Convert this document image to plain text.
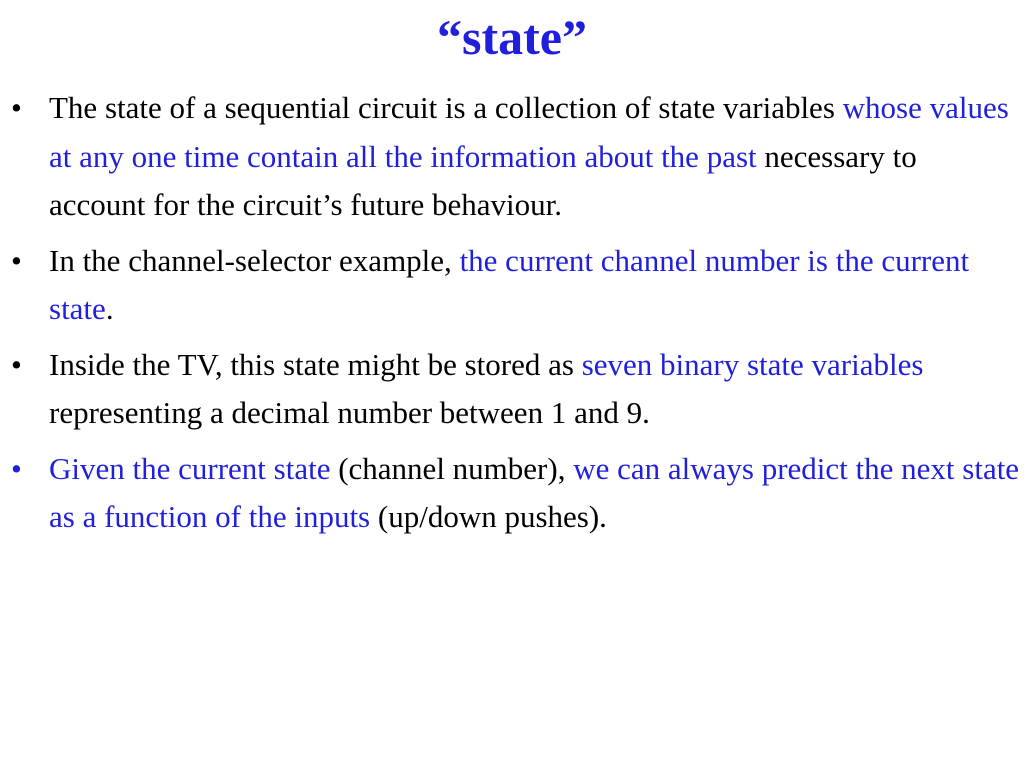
“state”
• The state of a sequential circuit is a collection of state variables whose values at any one time contain all the information about the past necessary to account for the circuit’s future behaviour.
• In the channel-selector example, the current channel number is the current state.
• Inside the TV, this state might be stored as seven binary state variables representing a decimal number between 1 and 9.
• Given the current state (channel number), we can always predict the next state as a function of the inputs (up/down pushes).
